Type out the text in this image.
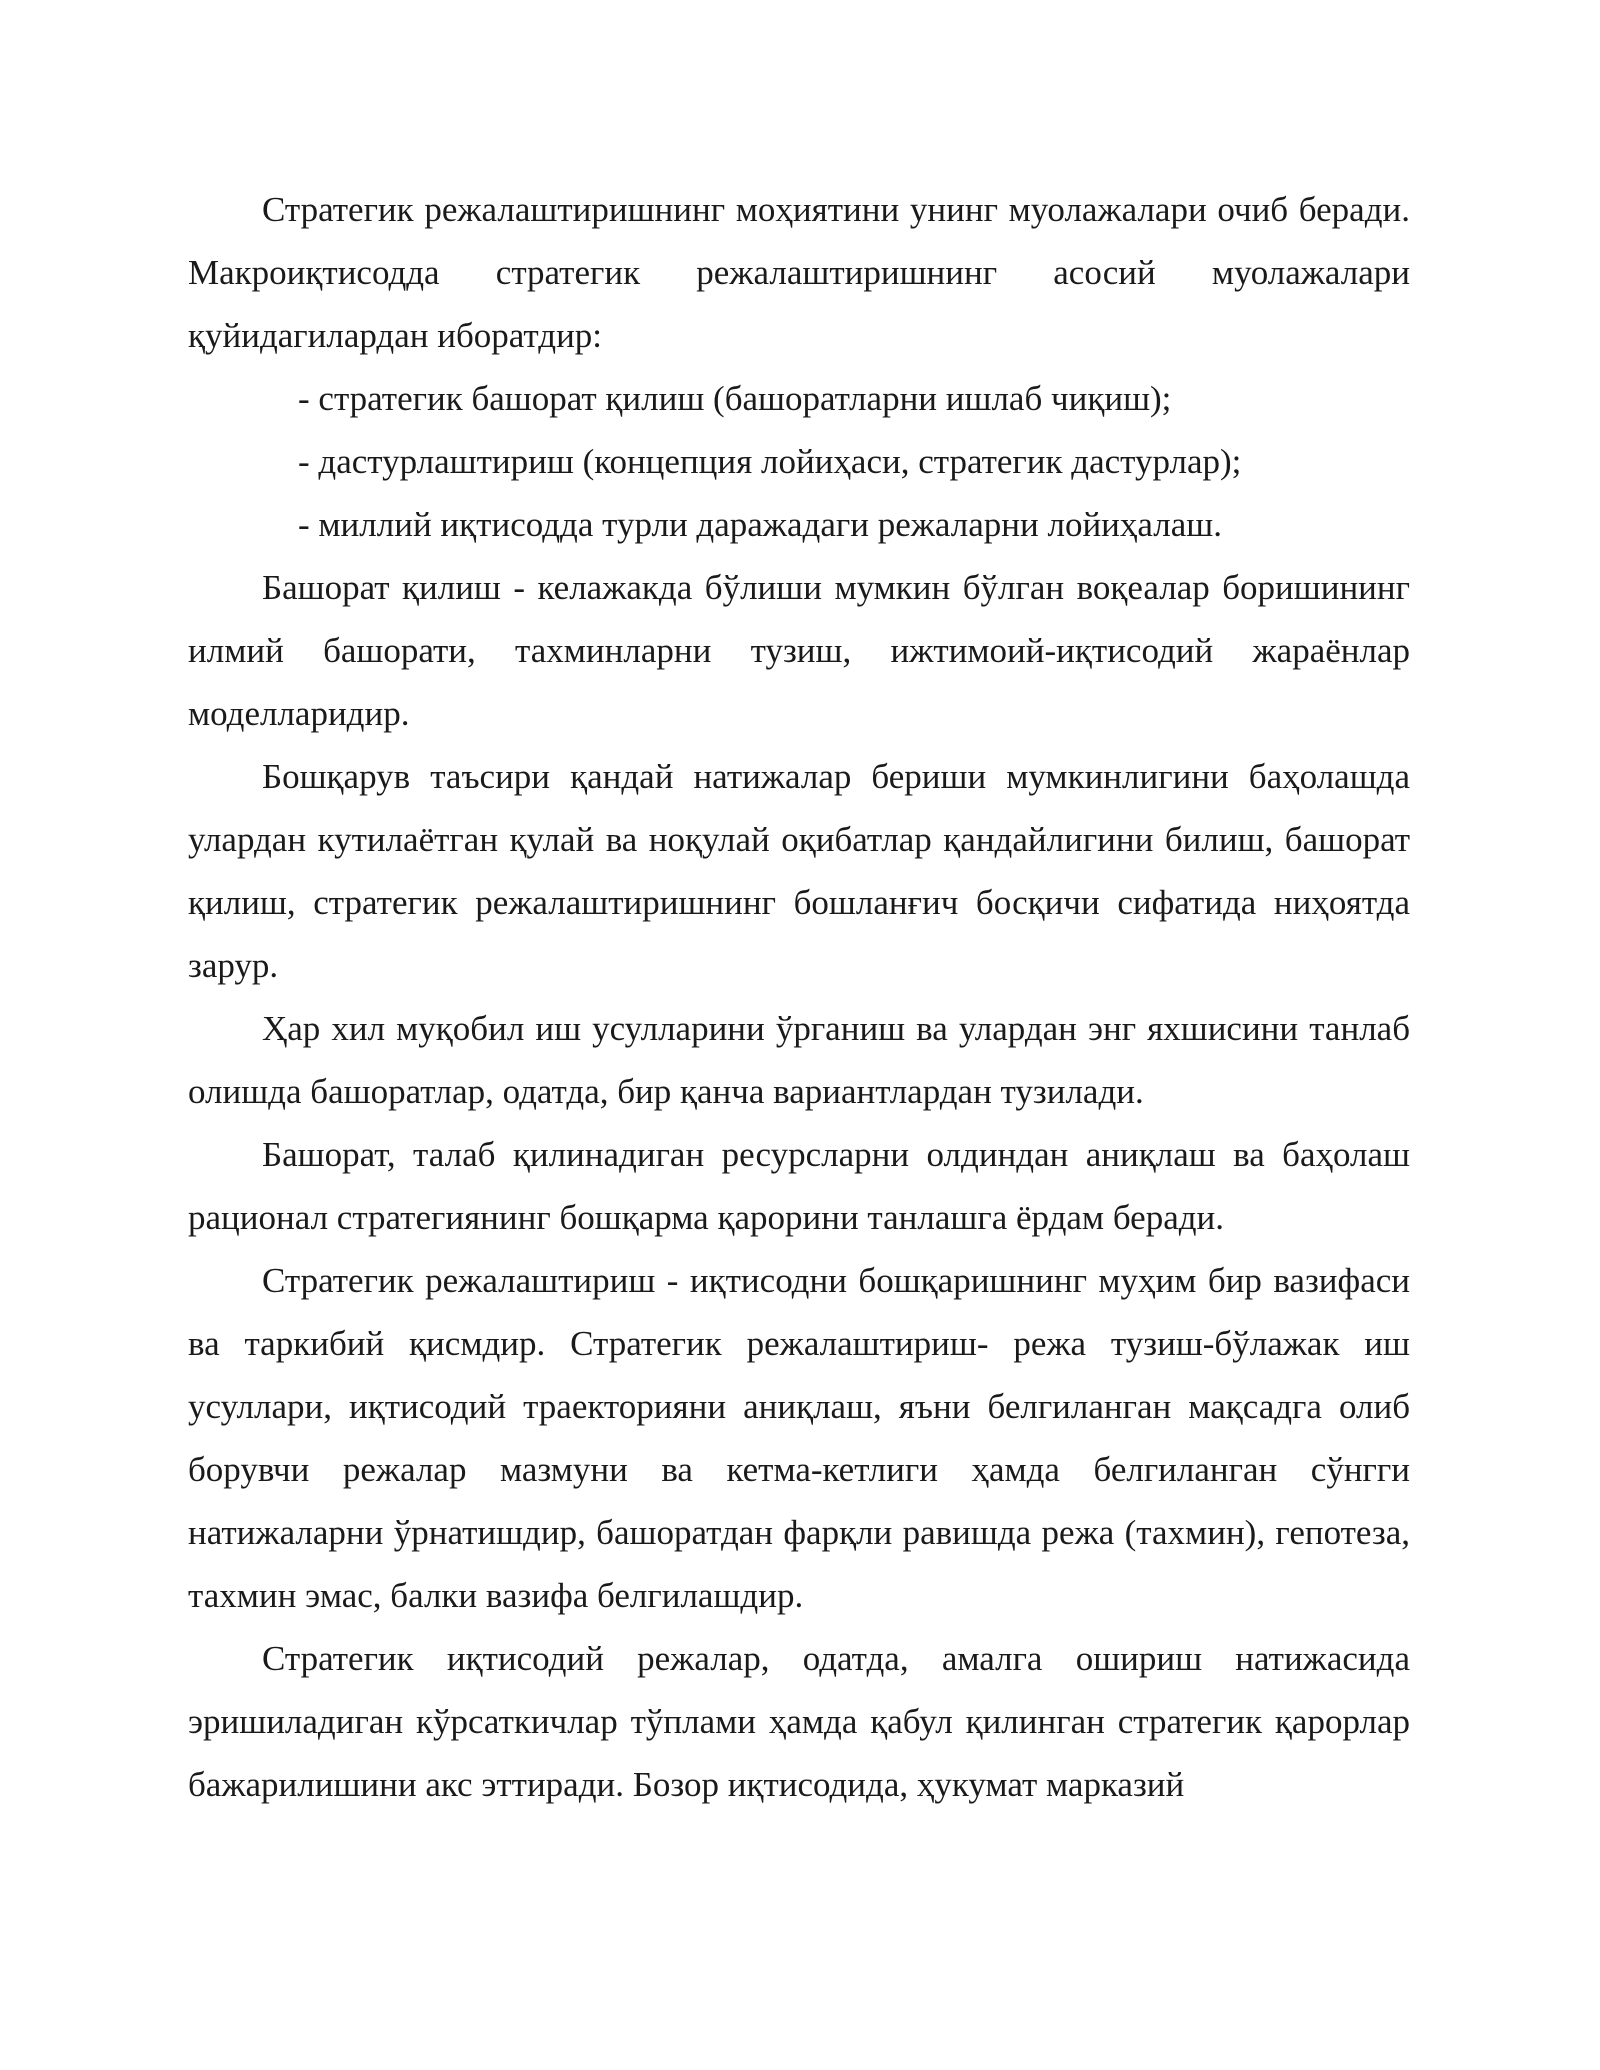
Стратегик режалаштиришнинг моҳиятини унинг муолажалари очиб беради. Макроиқтисодда стратегик режалаштиришнинг асосий муолажалари қуйидагилардан иборатдир:

- стратегик башорат қилиш (башоратларни ишлаб чиқиш);

- дастурлаштириш (концепция лойиҳаси, стратегик дастурлар);

- миллий иқтисодда турли даражадаги режаларни лойиҳалаш.

Башорат қилиш - келажакда бўлиши мумкин бўлган воқеалар боришининг илмий башорати, тахминларни тузиш, ижтимоий-иқтисодий жараёнлар моделларидир.

Бошқарув таъсири қандай натижалар бериши мумкинлигини баҳолашда улардан кутилаётган қулай ва ноқулай оқибатлар қандайлигини билиш, башорат қилиш, стратегик режалаштиришнинг бошланғич босқичи сифатида ниҳоятда зарур.

Ҳар хил муқобил иш усулларини ўрганиш ва улардан энг яхшисини танлаб олишда башоратлар, одатда, бир қанча вариантлардан тузилади.

Башорат, талаб қилинадиган ресурсларни олдиндан аниқлаш ва баҳолаш рационал стратегиянинг бошқарма қарорини танлашга ёрдам беради.

Стратегик режалаштириш - иқтисодни бошқаришнинг муҳим бир вазифаси ва таркибий қисмдир. Стратегик режалаштириш- режа тузиш-бўлажак иш усуллари, иқтисодий траекторияни аниқлаш, яъни белгиланган мақсадга олиб борувчи режалар мазмуни ва кетма-кетлиги ҳамда белгиланган сўнгги натижаларни ўрнатишдир, башоратдан фарқли равишда режа (тахмин), гепотеза, тахмин эмас, балки вазифа белгилашдир.

Стратегик иқтисодий режалар, одатда, амалга ошириш натижасида эришиладиган кўрсаткичлар тўплами ҳамда қабул қилинган стратегик қарорлар бажарилишини акс эттиради. Бозор иқтисодида, ҳукумат марказий
